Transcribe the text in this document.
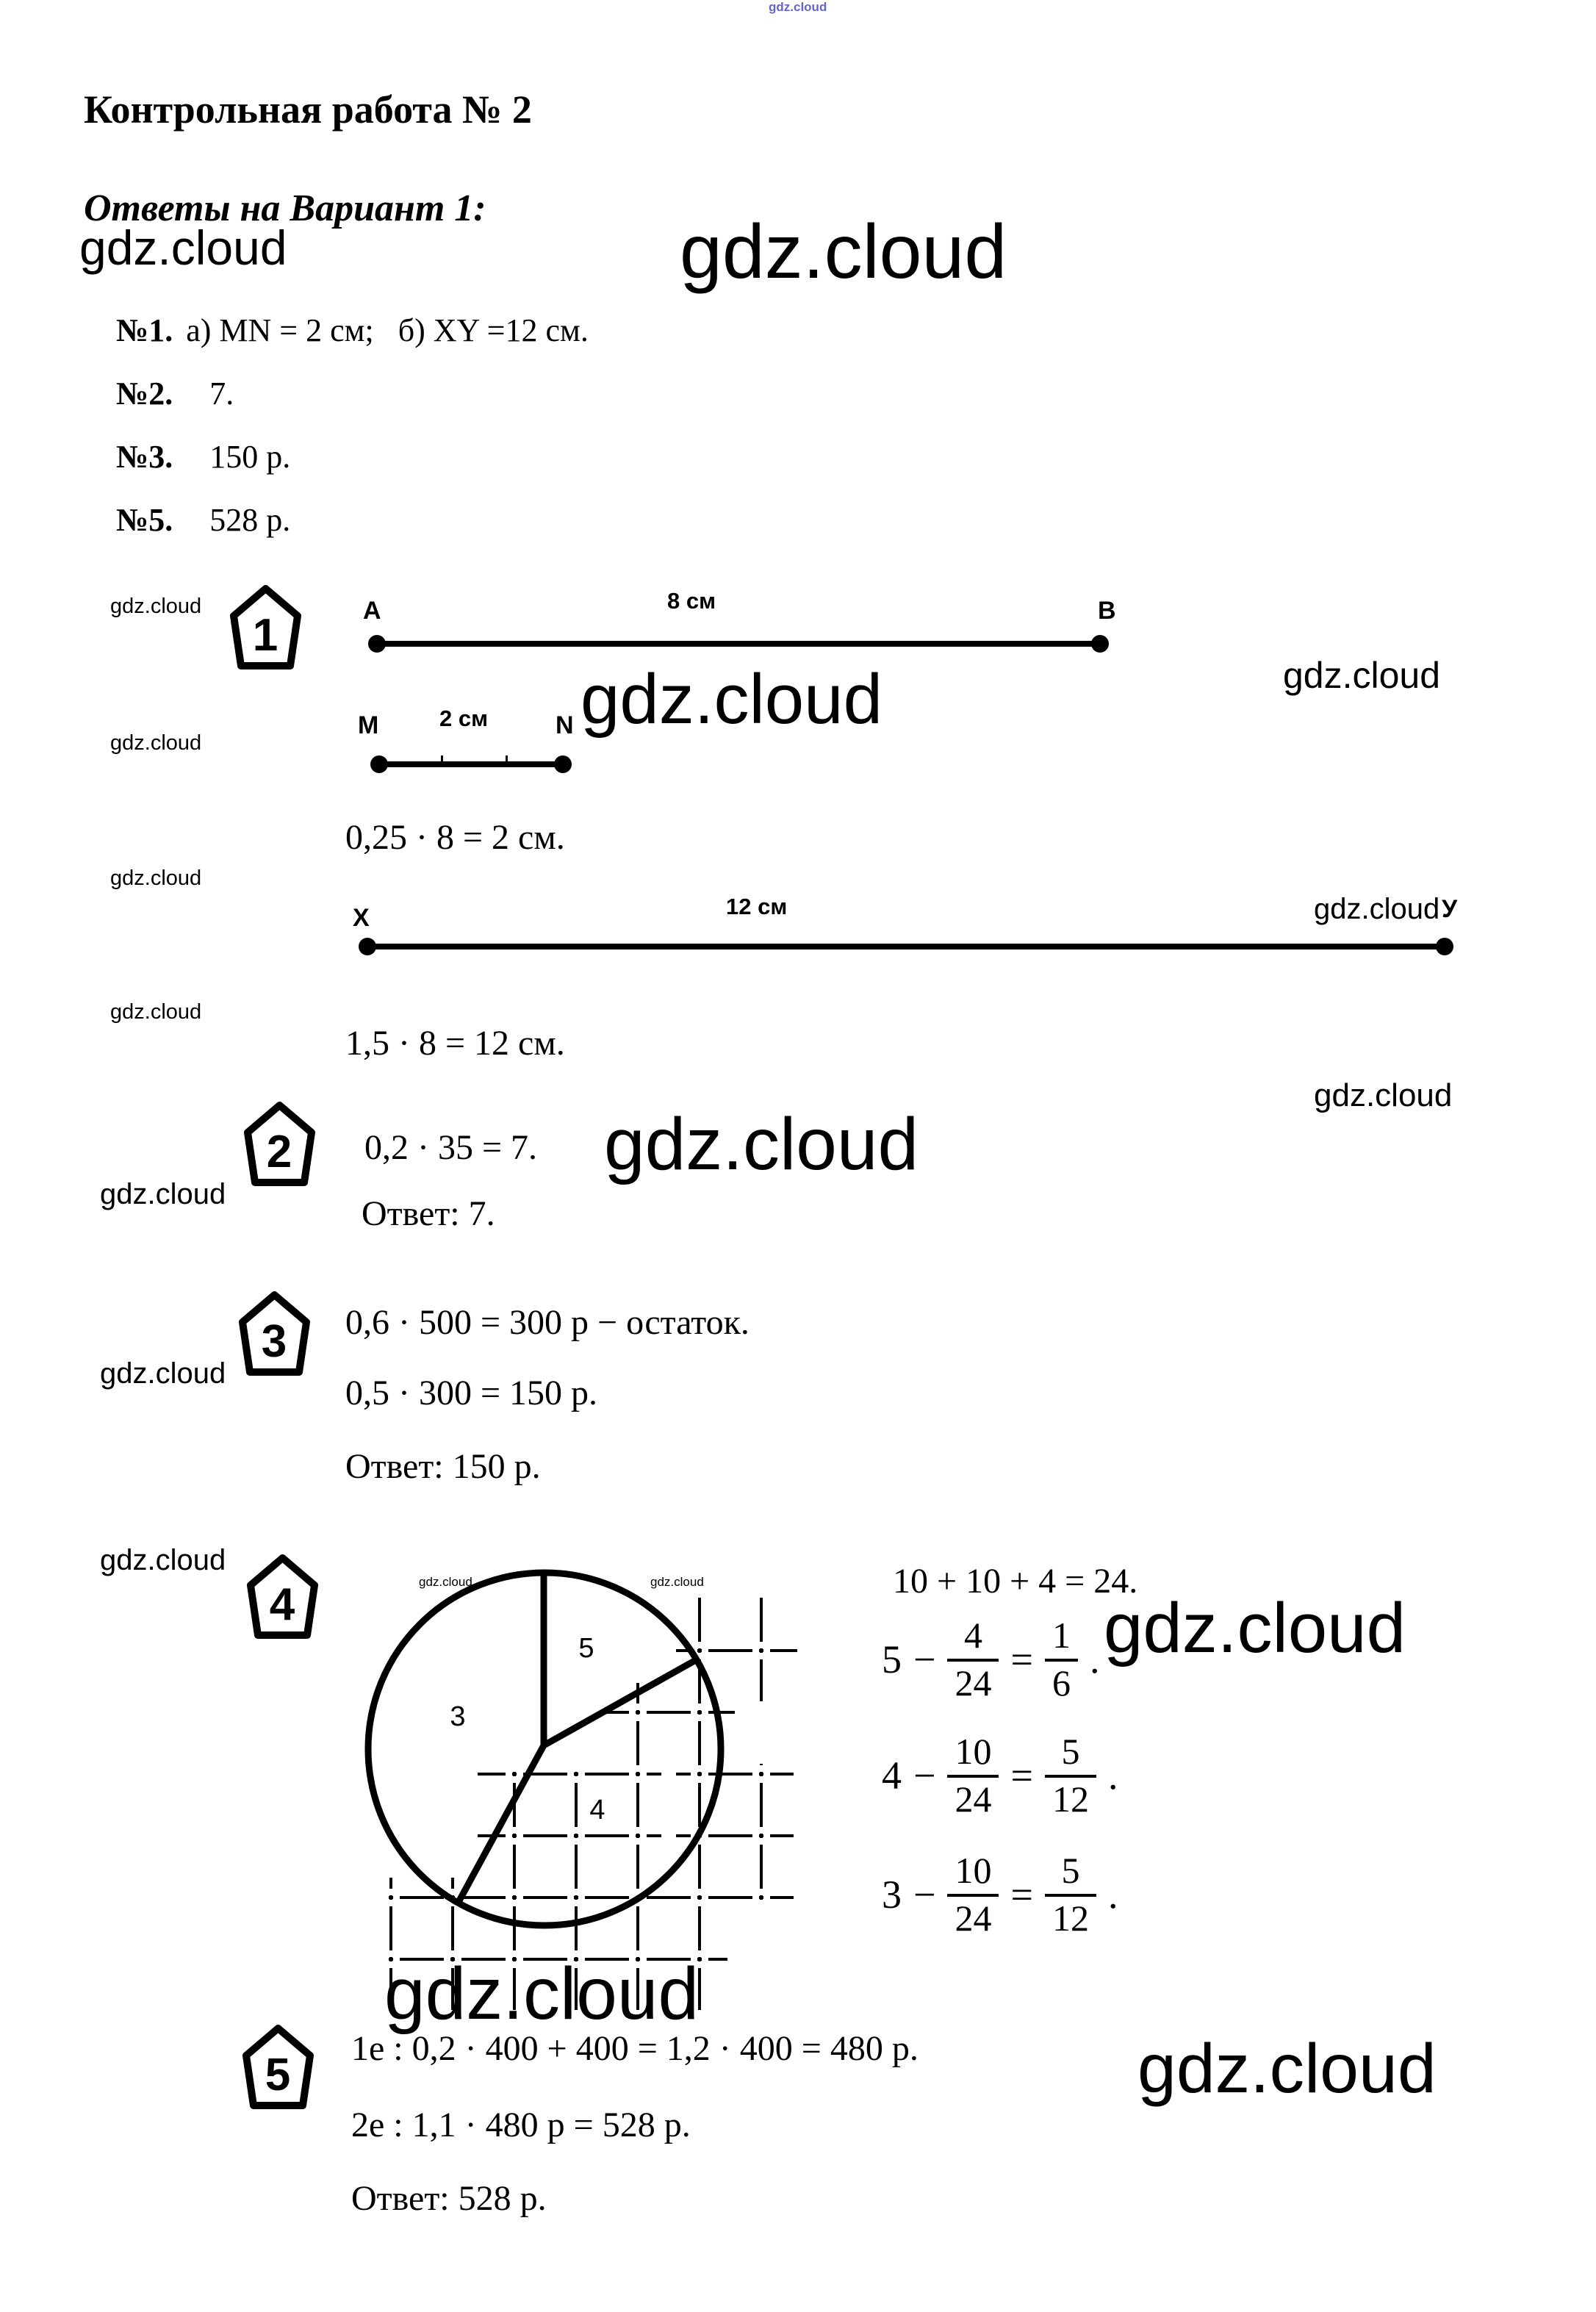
gdz.cloud
gdz.cloud	gdz.cloud
gdz.cloud
gdz.cloud	gdz.cloud
gdz.cloud
gdz.cloud
gdz.cloud
gdz.cloud
gdz.cloud
gdz.cloud
gdz.cloud
gdz.cloud
gdz.cloud
gdz.cloud
gdz.cloud
Контрольная работа № 2
Ответы на Вариант 1:

№1. а) MN = 2 см;   б) XY =12 см.

№2. 7.

№3. 150 р.

№5. 528 р.

1	A	8 см	B
M	2 см	N
0,25 · 8 = 2 см.
X	12 см	У
1,5 · 8 = 12 см.
2 0,2 · 35 = 7.
Ответ: 7.
3 0,6 · 500 = 300 р − остаток.
0,5 · 300 = 150 р.
Ответ: 150 р.
4	gdz.cloud	gdz.cloud
5
3
4
10 + 10 + 4 = 24.
$5 - \frac{4}{24} = \frac{1}{6}$ .
$4 - \frac{10}{24} = \frac{5}{12}$ .
$3 - \frac{10}{24} = \frac{5}{12}$ .
5
1е : 0,2 · 400 + 400 = 1,2 · 400 = 480 р.
2е : 1,1 · 480 р = 528 р.
Ответ: 528 р.
